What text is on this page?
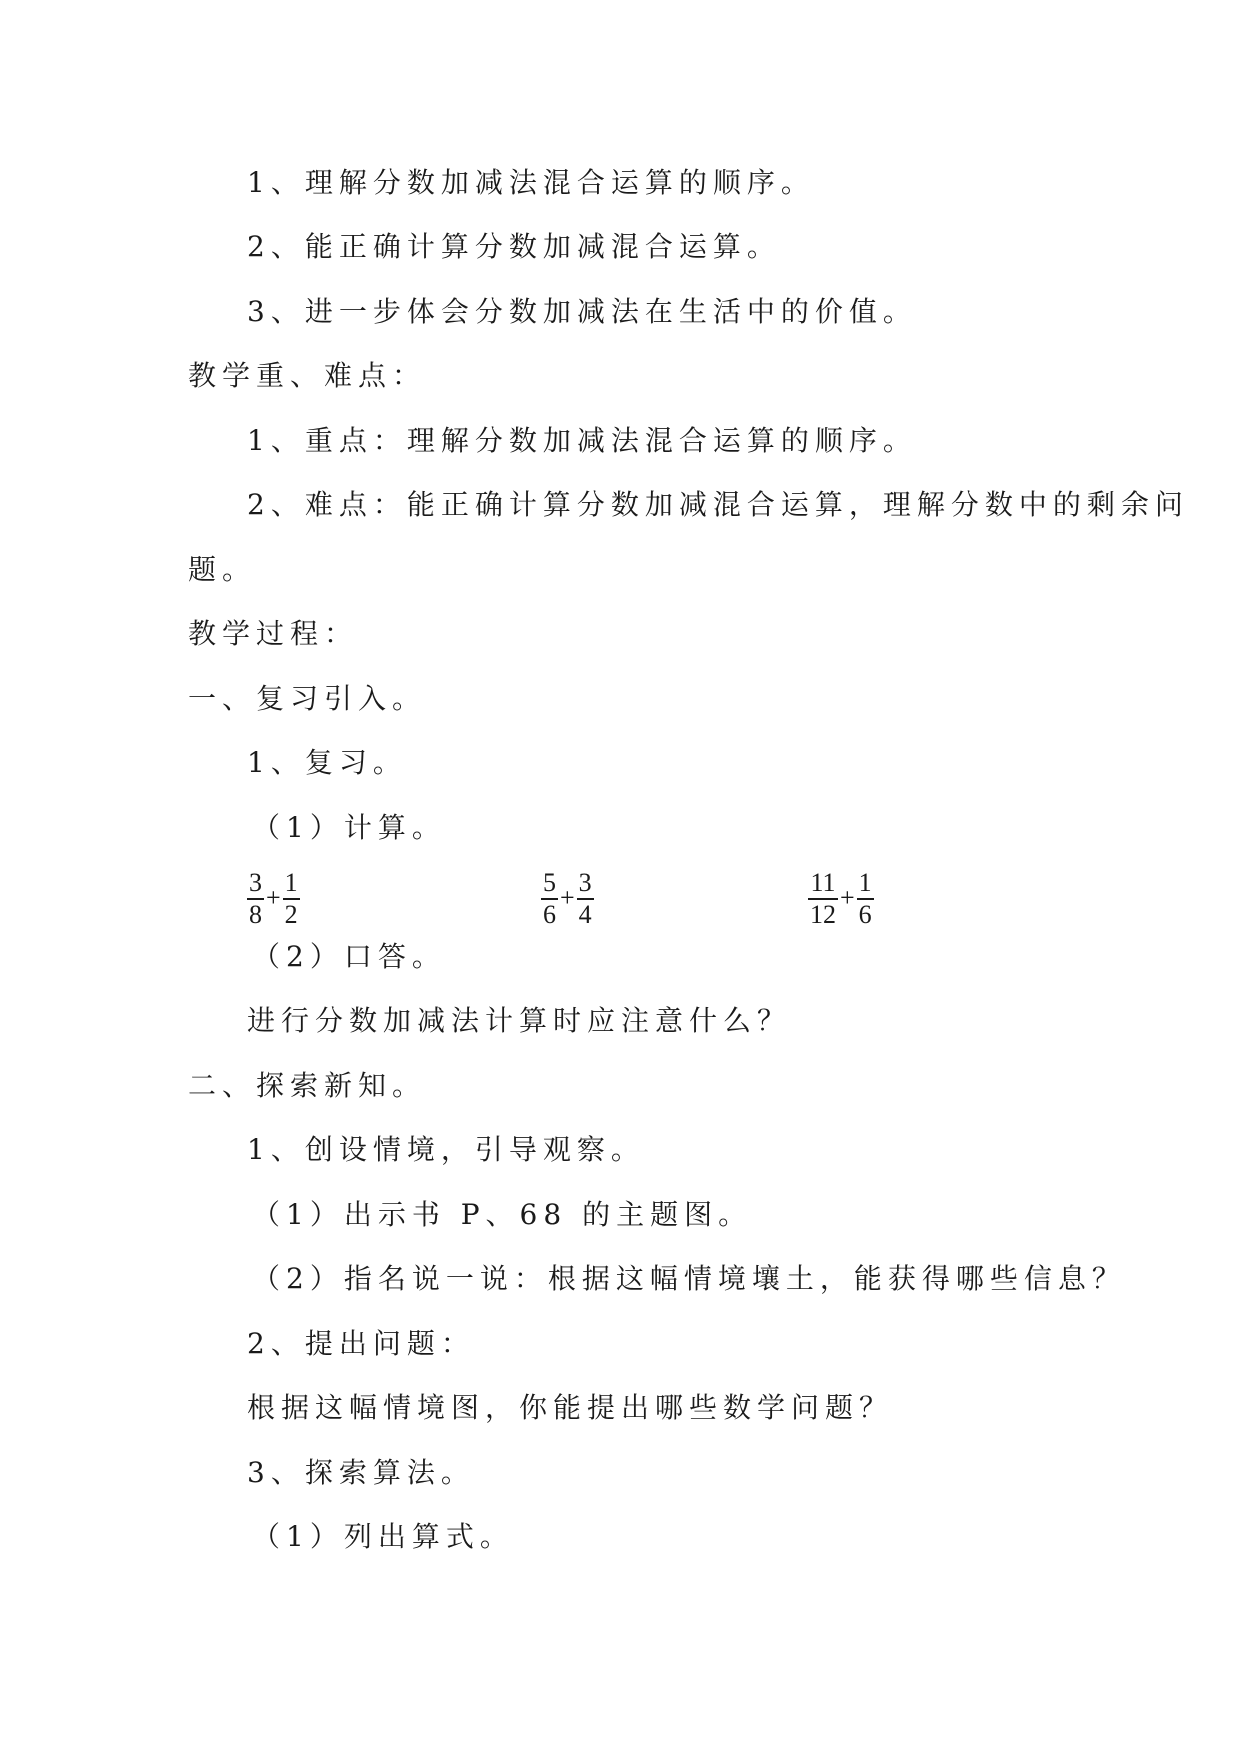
1、理解分数加减法混合运算的顺序。
2、能正确计算分数加减混合运算。
3、进一步体会分数加减法在生活中的价值。
教学重、难点：
1、重点：理解分数加减法混合运算的顺序。
2、难点：能正确计算分数加减混合运算，理解分数中的剩余问
题。
教学过程：
一、复习引入。
1、复习。
（1）计算。
$\frac{3}{8} + \frac{1}{2}$	$\frac{5}{6} + \frac{3}{4}$	$\frac{11}{12} + \frac{1}{6}$
（2）口答。
进行分数加减法计算时应注意什么？
二、探索新知。
1、创设情境，引导观察。
（1）出示书 P、68 的主题图。
（2）指名说一说：根据这幅情境壤土，能获得哪些信息？
2、提出问题：
根据这幅情境图，你能提出哪些数学问题？
3、探索算法。
（1）列出算式。
